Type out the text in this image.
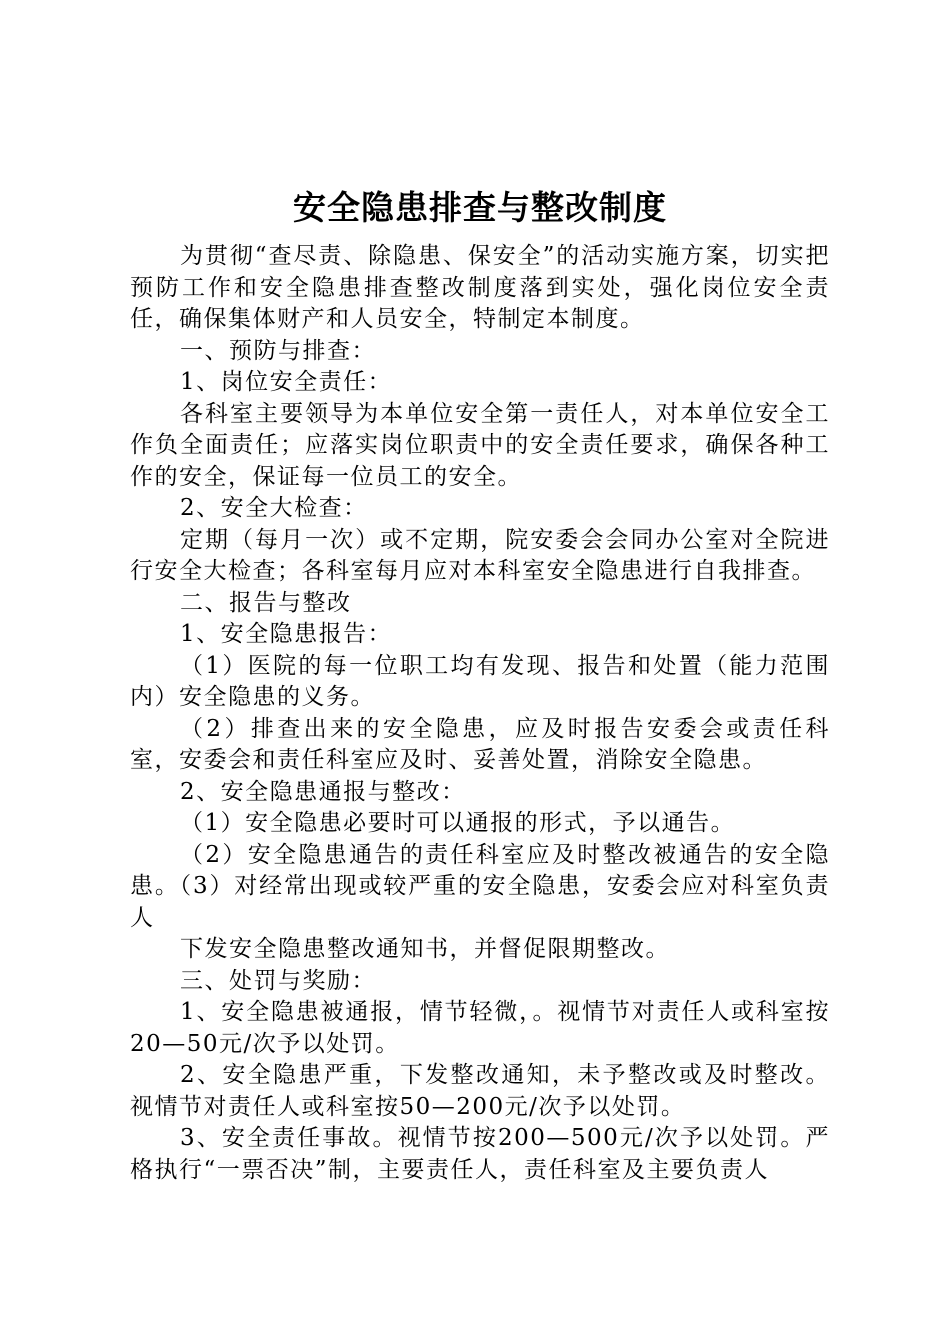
安全隐患排查与整改制度

为贯彻“查尽责、除隐患、保安全”的活动实施方案，切实把预防工作和安全隐患排查整改制度落到实处，强化岗位安全责任，确保集体财产和人员安全，特制定本制度。

一、预防与排查：

1、岗位安全责任：

各科室主要领导为本单位安全第一责任人，对本单位安全工作负全面责任；应落实岗位职责中的安全责任要求，确保各种工作的安全，保证每一位员工的安全。

2、安全大检查：

定期（每月一次）或不定期，院安委会会同办公室对全院进行安全大检查；各科室每月应对本科室安全隐患进行自我排查。

二、报告与整改

1、安全隐患报告：

（1）医院的每一位职工均有发现、报告和处置（能力范围内）安全隐患的义务。

（2）排查出来的安全隐患，应及时报告安委会或责任科室，安委会和责任科室应及时、妥善处置，消除安全隐患。

2、安全隐患通报与整改：

（1）安全隐患必要时可以通报的形式，予以通告。

（2）安全隐患通告的责任科室应及时整改被通告的安全隐患。（3）对经常出现或较严重的安全隐患，安委会应对科室负责人

下发安全隐患整改通知书，并督促限期整改。

三、处罚与奖励：

1、安全隐患被通报，情节轻微，。视情节对责任人或科室按20—50元/次予以处罚。

2、安全隐患严重，下发整改通知，未予整改或及时整改。视情节对责任人或科室按50—200元/次予以处罚。

3、安全责任事故。视情节按200—500元/次予以处罚。严格执行“一票否决”制，主要责任人，责任科室及主要负责人
